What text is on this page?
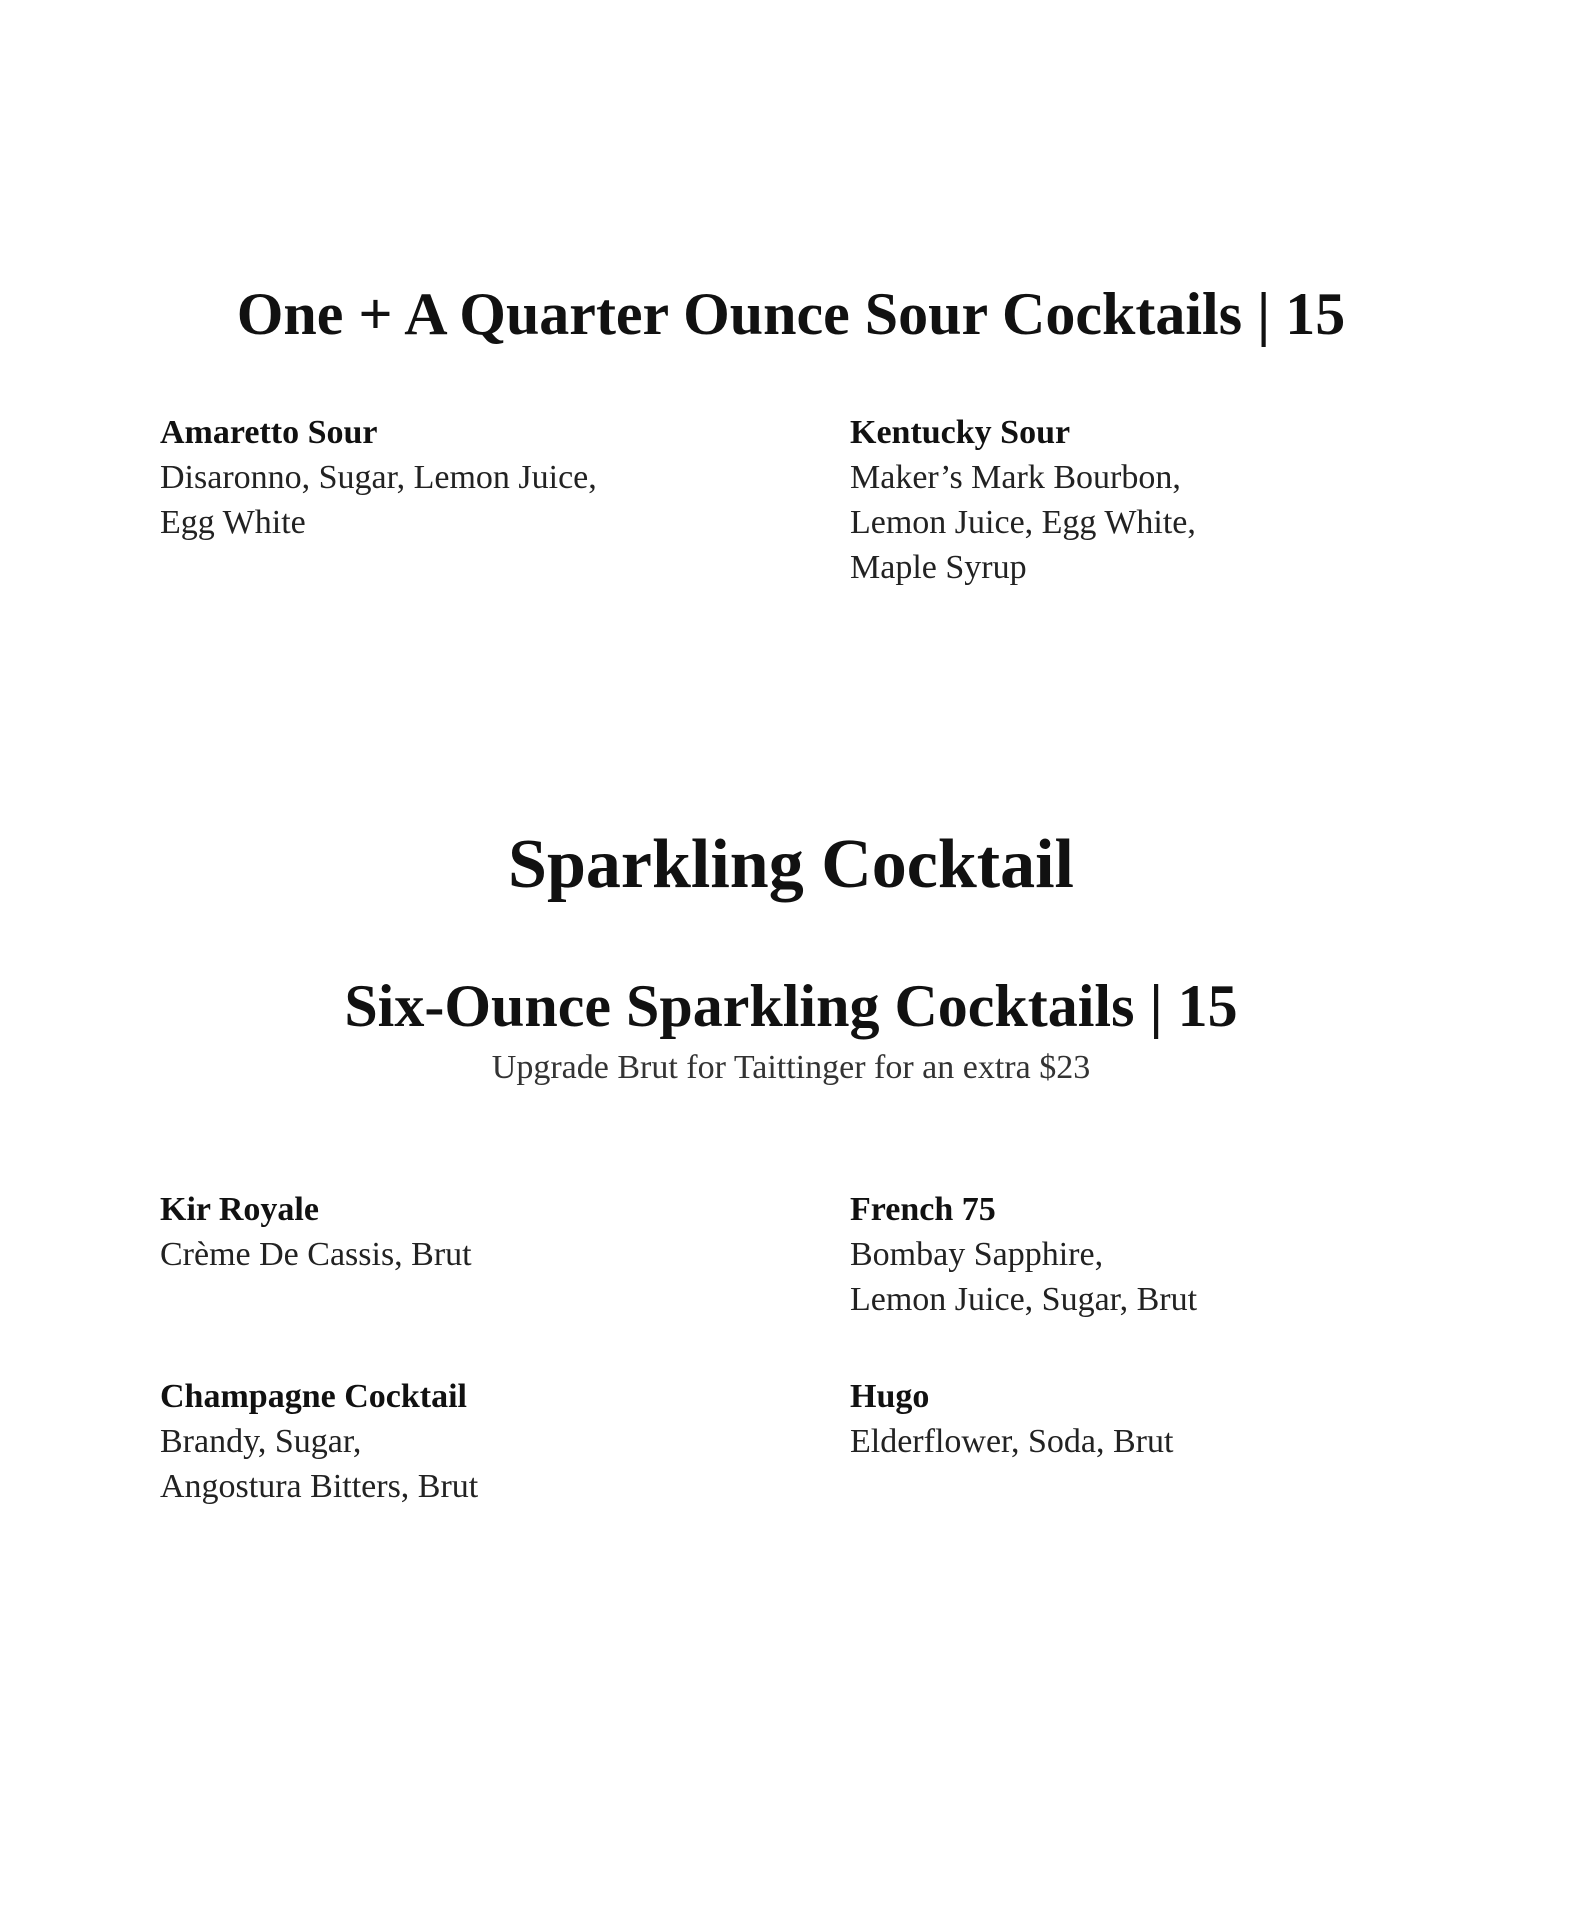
One + A Quarter Ounce Sour Cocktails | 15
Amaretto Sour
Disaronno, Sugar, Lemon Juice,
Egg White
Kentucky Sour
Maker’s Mark Bourbon,
Lemon Juice, Egg White,
Maple Syrup
Sparkling Cocktail
Six-Ounce Sparkling Cocktails | 15
Upgrade Brut for Taittinger for an extra $23
Kir Royale
Crème De Cassis, Brut
French 75
Bombay Sapphire,
Lemon Juice, Sugar, Brut
Champagne Cocktail
Brandy, Sugar,
Angostura Bitters, Brut
Hugo
Elderflower, Soda, Brut
